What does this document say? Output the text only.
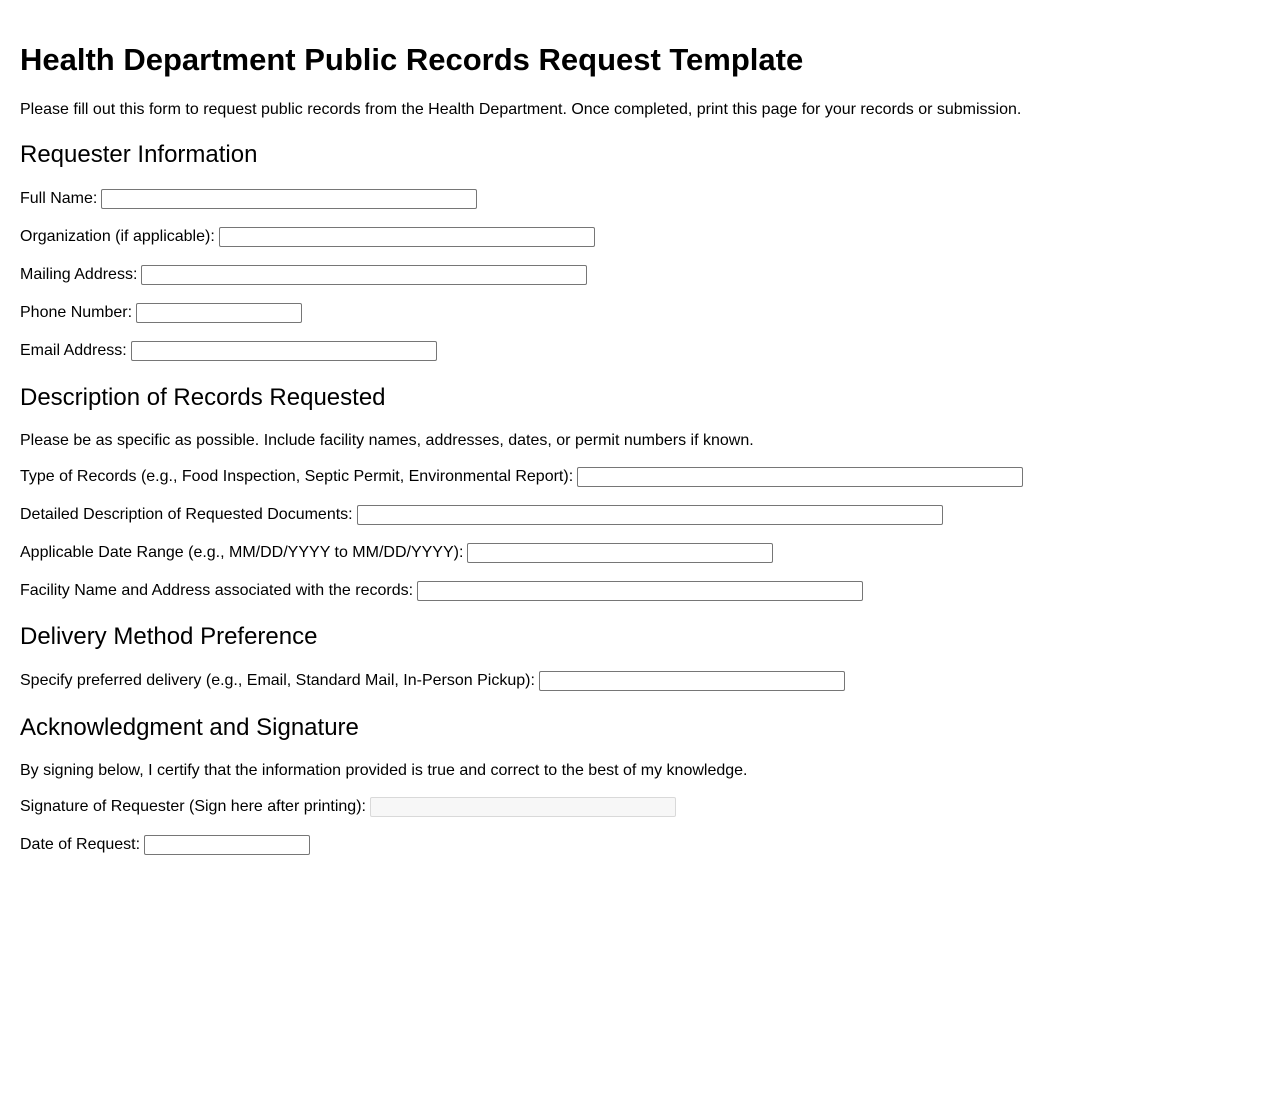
Health Department Public Records Request Template
Please fill out this form to request public records from the Health Department. Once completed, print this page for your records or submission.
Requester Information
Full Name:
Organization (if applicable):
Mailing Address:
Phone Number:
Email Address:
Description of Records Requested
Please be as specific as possible. Include facility names, addresses, dates, or permit numbers if known.
Type of Records (e.g., Food Inspection, Septic Permit, Environmental Report):
Detailed Description of Requested Documents:
Applicable Date Range (e.g., MM/DD/YYYY to MM/DD/YYYY):
Facility Name and Address associated with the records:
Delivery Method Preference
Specify preferred delivery (e.g., Email, Standard Mail, In-Person Pickup):
Acknowledgment and Signature
By signing below, I certify that the information provided is true and correct to the best of my knowledge.
Signature of Requester (Sign here after printing):
Date of Request:
